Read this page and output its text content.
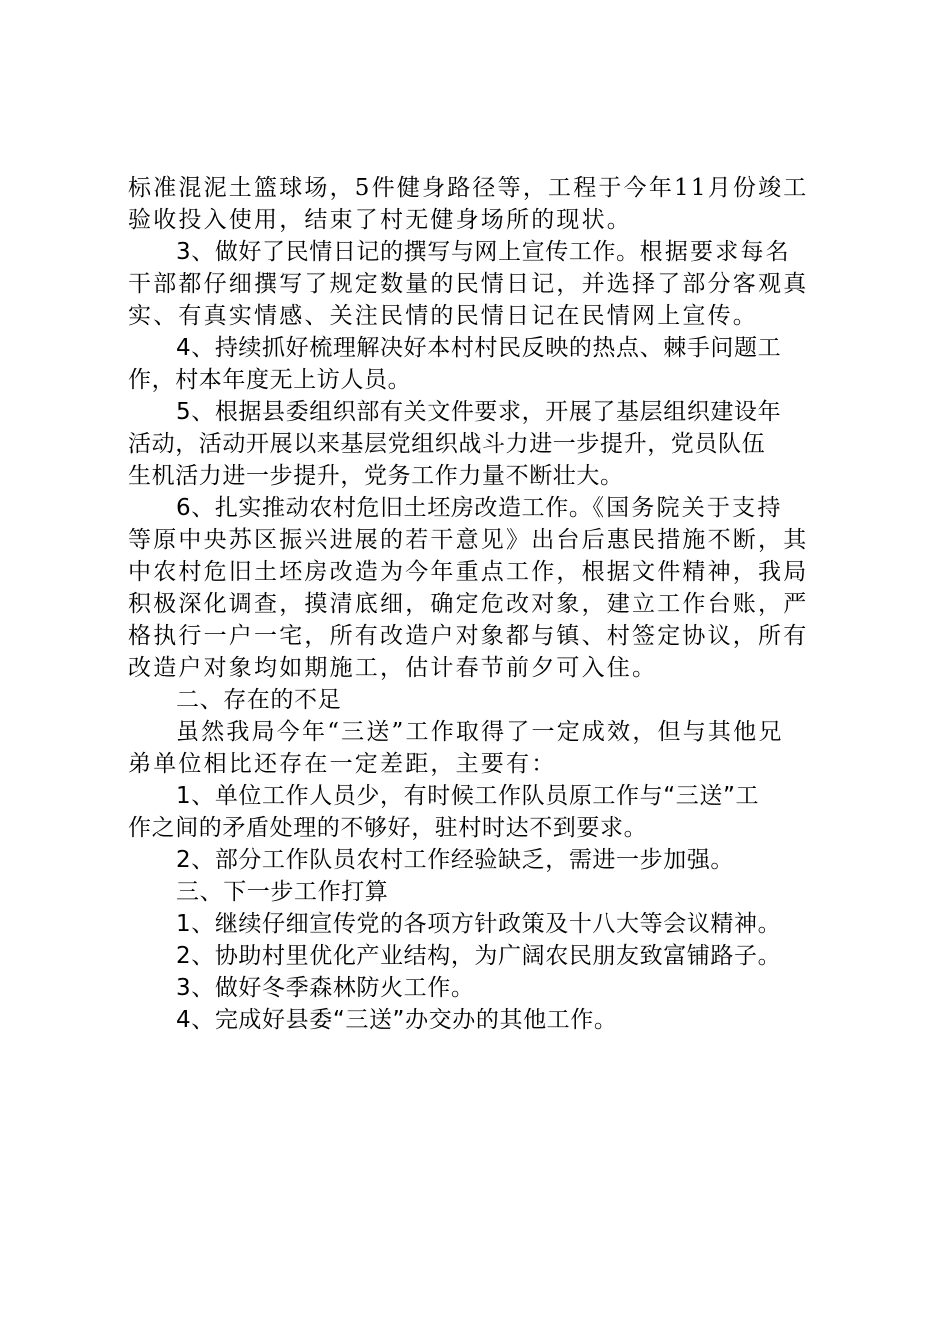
标准混泥土篮球场，5件健身路径等，工程于今年11月份竣工
验收投入使用，结束了村无健身场所的现状。

3、做好了民情日记的撰写与网上宣传工作。根据要求每名
干部都仔细撰写了规定数量的民情日记，并选择了部分客观真
实、有真实情感、关注民情的民情日记在民情网上宣传。

4、持续抓好梳理解决好本村村民反映的热点、棘手问题工
作，村本年度无上访人员。

5、根据县委组织部有关文件要求，开展了基层组织建设年
活动，活动开展以来基层党组织战斗力进一步提升，党员队伍
生机活力进一步提升，党务工作力量不断壮大。

6、扎实推动农村危旧土坯房改造工作。《国务院关于支持
等原中央苏区振兴进展的若干意见》出台后惠民措施不断，其
中农村危旧土坯房改造为今年重点工作，根据文件精神，我局
积极深化调查，摸清底细，确定危改对象，建立工作台账，严
格执行一户一宅，所有改造户对象都与镇、村签定协议，所有
改造户对象均如期施工，估计春节前夕可入住。

二、存在的不足

虽然我局今年“三送”工作取得了一定成效，但与其他兄
弟单位相比还存在一定差距，主要有：

1、单位工作人员少，有时候工作队员原工作与“三送”工
作之间的矛盾处理的不够好，驻村时达不到要求。

2、部分工作队员农村工作经验缺乏，需进一步加强。

三、下一步工作打算

1、继续仔细宣传党的各项方针政策及十八大等会议精神。

2、协助村里优化产业结构，为广阔农民朋友致富铺路子。

3、做好冬季森林防火工作。

4、完成好县委“三送”办交办的其他工作。
